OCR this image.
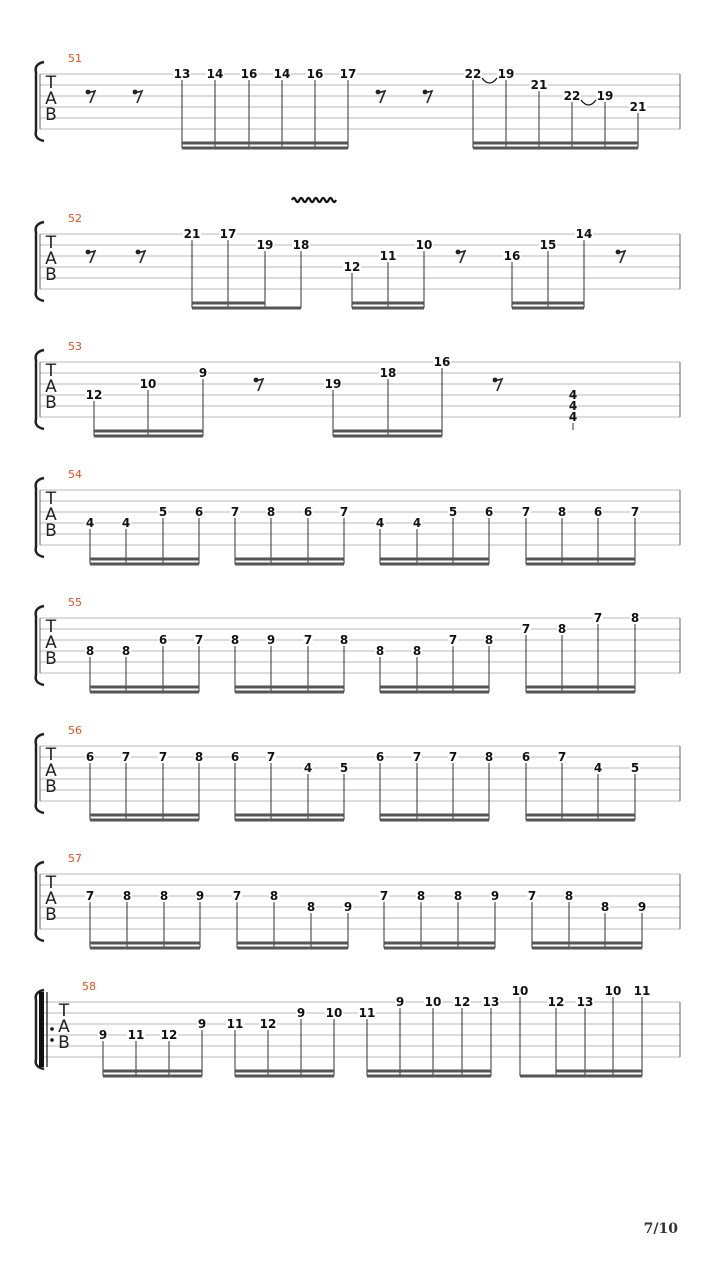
T
A
B
51
13 14 16 14 16 17	22 19
21
22 19
21
T
A
B
52
21 17
19 18
12
11
10
16
15
14
T
A
B
53
12
10
9
19
18
16
4
4
4
T
A
B
54
4 4
5 6 7 8 6 7
4 4
5 6 7 8 6 7
T
A
B
55
8 8
6 7 8 9 7 8
8 8
7 8
7 8
7 8
T
A
B
56
6 7 7 8 6 7
4 5
6 7 7 8 6 7
4 5
T
A
B
57
7 8 8 9 7 8
8 9
7 8 8 9 7 8
8 9
T
A
B
58
9 11 12
9 11 12
9 10 11
9 10 12 13
10
12 13
10 11
7/10
